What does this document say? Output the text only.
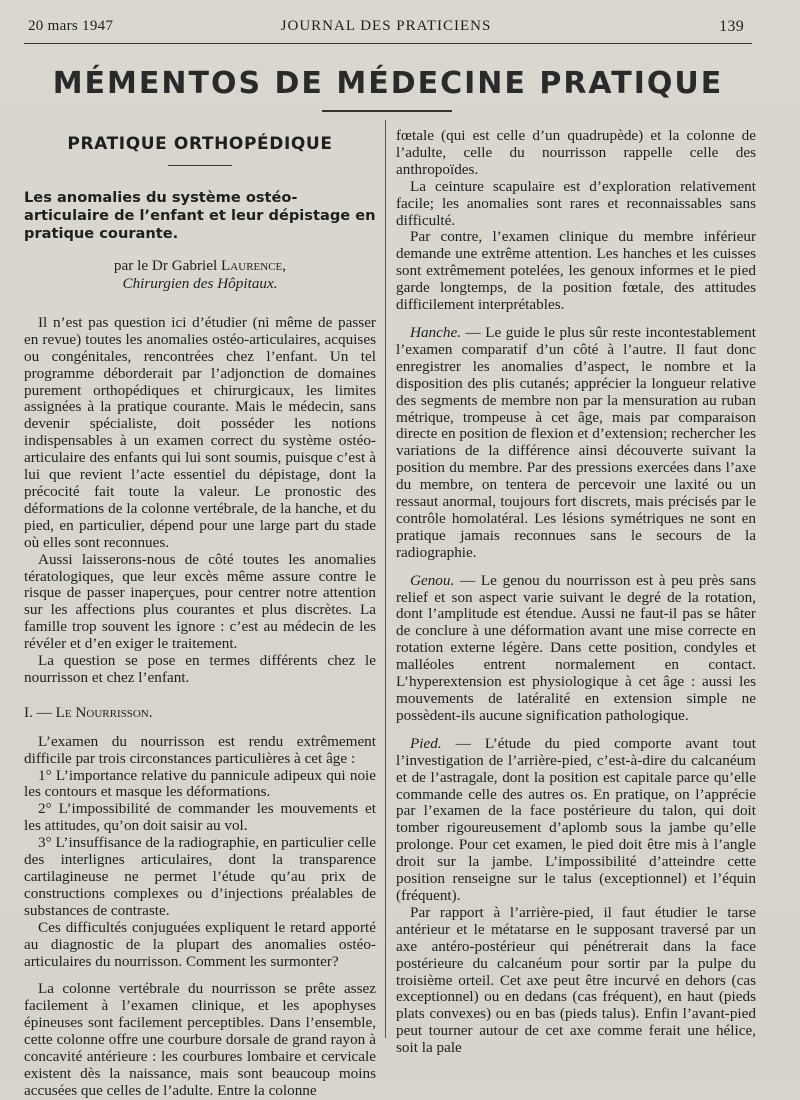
20 mars 1947	JOURNAL DES PRATICIENS	139
MÉMENTOS DE MÉDECINE PRATIQUE
PRATIQUE ORTHOPÉDIQUE
Les anomalies du système ostéo-articulaire de l’enfant et leur dépistage en pratique courante.
par le Dr Gabriel Laurence,
Chirurgien des Hôpitaux.

Il n’est pas question ici d’étudier (ni même de passer en revue) toutes les anomalies ostéo-articulaires, acquises ou congénitales, rencontrées chez l’enfant. Un tel programme déborderait par l’adjonction de domaines purement orthopédiques et chirurgicaux, les limites assignées à la pratique courante. Mais le médecin, sans devenir spécialiste, doit posséder les notions indispensables à un examen correct du système ostéo-articulaire des enfants qui lui sont soumis, puisque c’est à lui que revient l’acte essentiel du dépistage, dont la précocité fait toute la valeur. Le pronostic des déformations de la colonne vertébrale, de la hanche, et du pied, en particulier, dépend pour une large part du stade où elles sont reconnues.

Aussi laisserons-nous de côté toutes les anomalies tératologiques, que leur excès même assure contre le risque de passer inaperçues, pour centrer notre attention sur les affections plus courantes et plus discrètes. La famille trop souvent les ignore : c’est au médecin de les révéler et d’en exiger le traitement.

La question se pose en termes différents chez le nourrisson et chez l’enfant.

I. — Le Nourrisson.

L’examen du nourrisson est rendu extrêmement difficile par trois circonstances particulières à cet âge :

1° L’importance relative du pannicule adipeux qui noie les contours et masque les déformations.

2° L’impossibilité de commander les mouvements et les attitudes, qu’on doit saisir au vol.

3° L’insuffisance de la radiographie, en particulier celle des interlignes articulaires, dont la transparence cartilagineuse ne permet l’étude qu’au prix de constructions complexes ou d’injections préalables de substances de contraste.

Ces difficultés conjuguées expliquent le retard apporté au diagnostic de la plupart des anomalies ostéo-articulaires du nourrisson. Comment les surmonter?

La colonne vertébrale du nourrisson se prête assez facilement à l’examen clinique, et les apophyses épineuses sont facilement perceptibles. Dans l’ensemble, cette colonne offre une courbure dorsale de grand rayon à concavité antérieure : les courbures lombaire et cervicale existent dès la naissance, mais sont beaucoup moins accusées que celles de l’adulte. Entre la colonne

fœtale (qui est celle d’un quadrupède) et la colonne de l’adulte, celle du nourrisson rappelle celle des anthropoïdes.

La ceinture scapulaire est d’exploration relativement facile; les anomalies sont rares et reconnaissables sans difficulté.

Par contre, l’examen clinique du membre inférieur demande une extrême attention. Les hanches et les cuisses sont extrêmement potelées, les genoux informes et le pied garde longtemps, de la position fœtale, des attitudes difficilement interprétables.

Hanche. — Le guide le plus sûr reste incontestablement l’examen comparatif d’un côté à l’autre. Il faut donc enregistrer les anomalies d’aspect, le nombre et la disposition des plis cutanés; apprécier la longueur relative des segments de membre non par la mensuration au ruban métrique, trompeuse à cet âge, mais par comparaison directe en position de flexion et d’extension; rechercher les variations de la différence ainsi découverte suivant la position du membre. Par des pressions exercées dans l’axe du membre, on tentera de percevoir une laxité ou un ressaut anormal, toujours fort discrets, mais précisés par le contrôle homolatéral. Les lésions symétriques ne sont en pratique jamais reconnues sans le secours de la radiographie.

Genou. — Le genou du nourrisson est à peu près sans relief et son aspect varie suivant le degré de la rotation, dont l’amplitude est étendue. Aussi ne faut-il pas se hâter de conclure à une déformation avant une mise correcte en rotation externe légère. Dans cette position, condyles et malléoles entrent normalement en contact. L’hyperextension est physiologique à cet âge : aussi les mouvements de latéralité en extension simple ne possèdent-ils aucune signification pathologique.

Pied. — L’étude du pied comporte avant tout l’investigation de l’arrière-pied, c’est-à-dire du calcanéum et de l’astragale, dont la position est capitale parce qu’elle commande celle des autres os. En pratique, on l’apprécie par l’examen de la face postérieure du talon, qui doit tomber rigoureusement d’aplomb sous la jambe qu’elle prolonge. Pour cet examen, le pied doit être mis à l’angle droit sur la jambe. L’impossibilité d’atteindre cette position renseigne sur le talus (exceptionnel) et l’équin (fréquent).

Par rapport à l’arrière-pied, il faut étudier le tarse antérieur et le métatarse en le supposant traversé par un axe antéro-postérieur qui pénétrerait dans la face postérieure du calcanéum pour sortir par la pulpe du troisième orteil. Cet axe peut être incurvé en dehors (cas exceptionnel) ou en dedans (cas fréquent), en haut (pieds plats convexes) ou en bas (pieds talus). Enfin l’avant-pied peut tourner autour de cet axe comme ferait une hélice, soit la pale
